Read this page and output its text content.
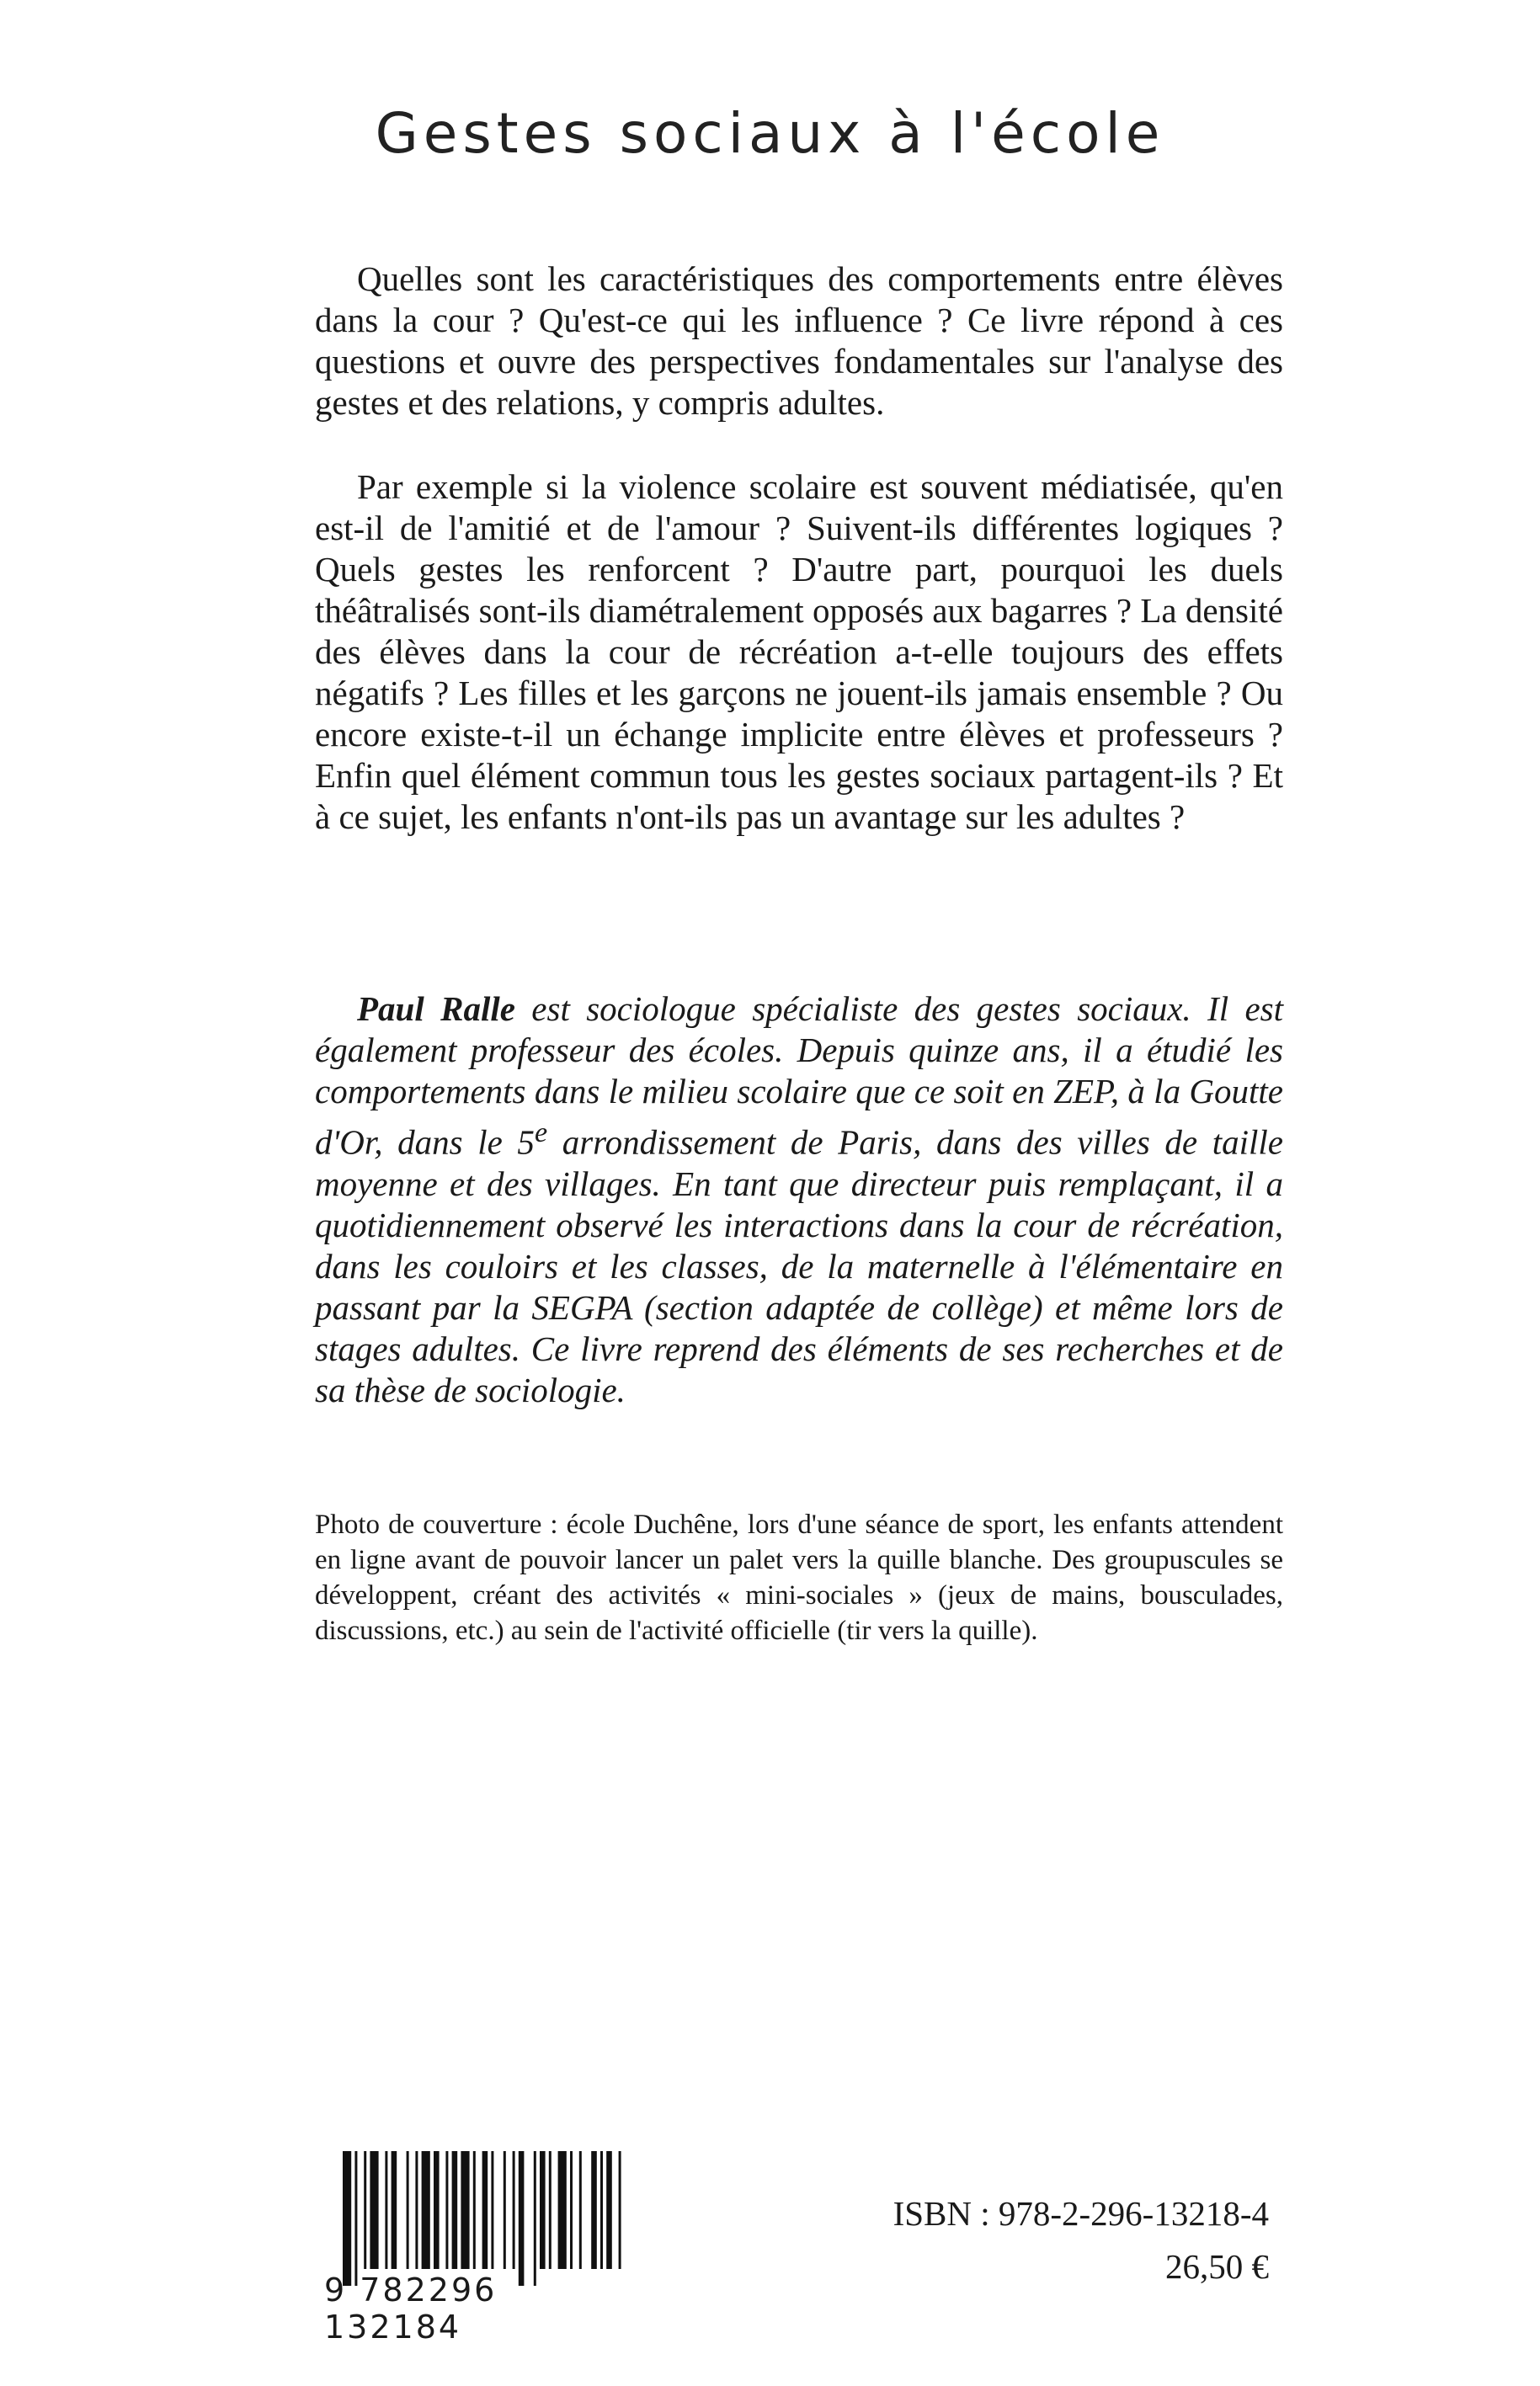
Gestes sociaux à l'école

Quelles sont les caractéristiques des comportements entre élèves dans la cour ? Qu'est-ce qui les influence ? Ce livre répond à ces questions et ouvre des perspectives fondamentales sur l'analyse des gestes et des relations, y compris adultes.

Par exemple si la violence scolaire est souvent médiatisée, qu'en est-il de l'amitié et de l'amour ? Suivent-ils différentes logiques ? Quels gestes les renforcent ? D'autre part, pourquoi les duels théâtralisés sont-ils diamétralement opposés aux bagarres ? La densité des élèves dans la cour de récréation a-t-elle toujours des effets négatifs ? Les filles et les garçons ne jouent-ils jamais ensemble ? Ou encore existe-t-il un échange implicite entre élèves et professeurs ? Enfin quel élément commun tous les gestes sociaux partagent-ils ? Et à ce sujet, les enfants n'ont-ils pas un avantage sur les adultes ?

Paul Ralle est sociologue spécialiste des gestes sociaux. Il est également professeur des écoles. Depuis quinze ans, il a étudié les comportements dans le milieu scolaire que ce soit en ZEP, à la Goutte d'Or, dans le 5e arrondissement de Paris, dans des villes de taille moyenne et des villages. En tant que directeur puis remplaçant, il a quotidiennement observé les interactions dans la cour de récréation, dans les couloirs et les classes, de la maternelle à l'élémentaire en passant par la SEGPA (section adaptée de collège) et même lors de stages adultes. Ce livre reprend des éléments de ses recherches et de sa thèse de sociologie.

Photo de couverture : école Duchêne, lors d'une séance de sport, les enfants attendent en ligne avant de pouvoir lancer un palet vers la quille blanche. Des groupuscules se développent, créant des activités « mini-sociales » (jeux de mains, bousculades, discussions, etc.) au sein de l'activité officielle (tir vers la quille).

9 782296 132184
ISBN : 978-2-296-13218-4
26,50 €
